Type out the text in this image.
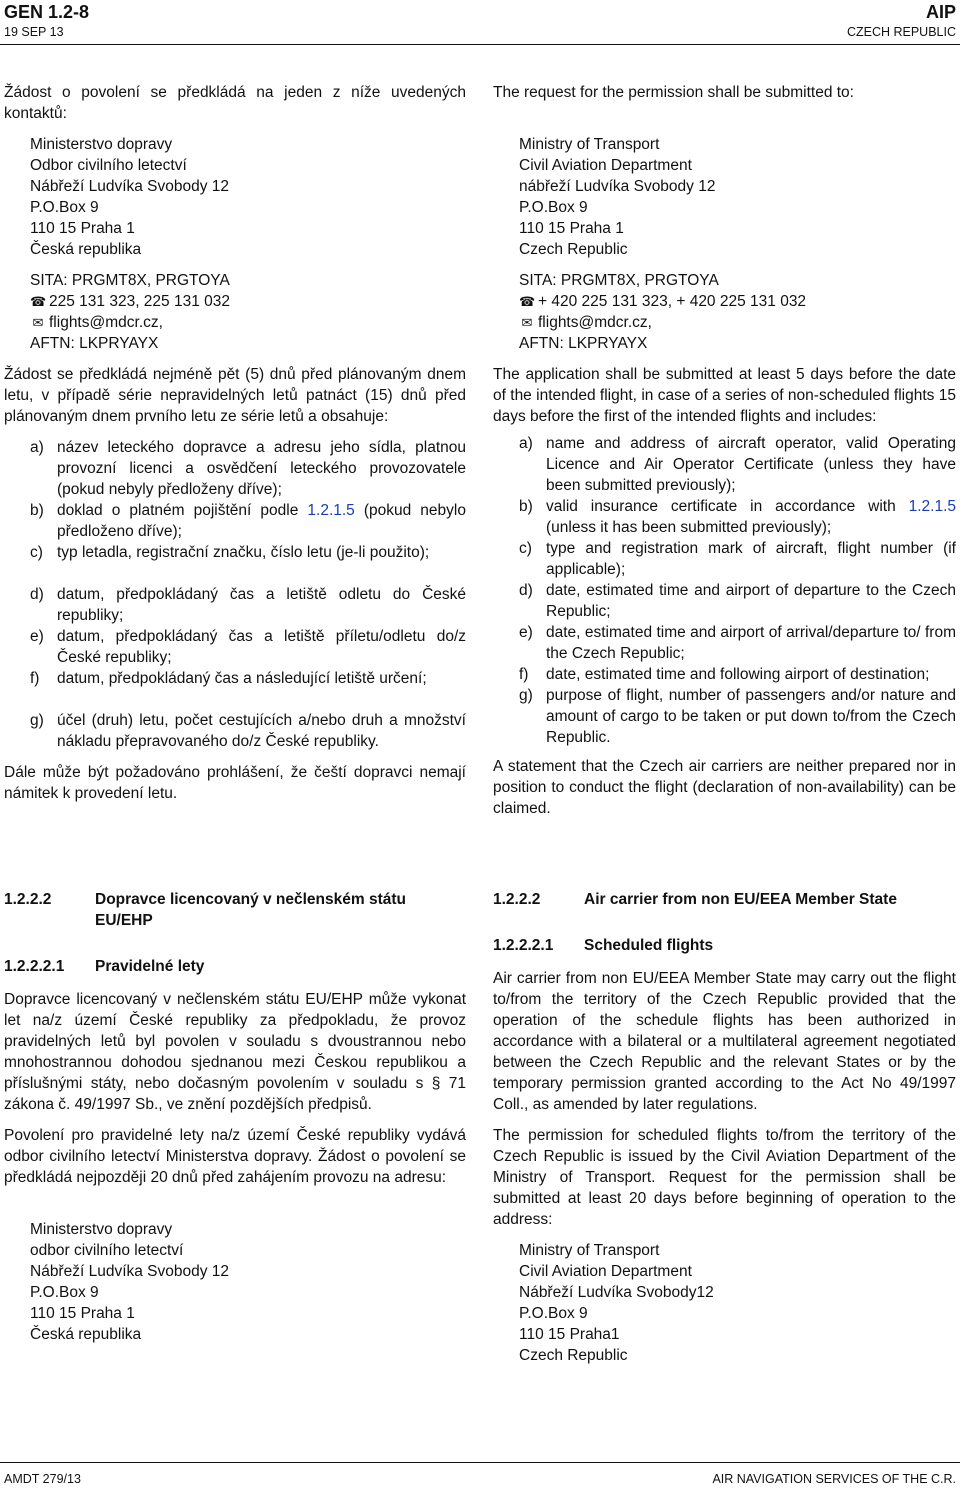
GEN 1.2-8
19 SEP 13
AIP
CZECH REPUBLIC

Žádost o povolení se předkládá na jeden z níže uvedených kontaktů:

Ministerstvo dopravy
Odbor civilního letectví
Nábřeží Ludvíka Svobody 12
P.O.Box 9
110 15 Praha 1
Česká republika
SITA: PRGMT8X, PRGTOYA
☎ 225 131 323, 225 131 032
✉ flights@mdcr.cz,
AFTN: LKPRYAYX

Žádost se předkládá nejméně pět (5) dnů před plánovaným dnem letu, v případě série nepravidelných letů patnáct (15) dnů před plánovaným dnem prvního letu ze série letů a obsahuje:

a) název leteckého dopravce a adresu jeho sídla, platnou provozní licenci a osvědčení leteckého provozovatele (pokud nebyly předloženy dříve);
b) doklad o platném pojištění podle 1.2.1.5 (pokud nebylo předloženo dříve);
c) typ letadla, registrační značku, číslo letu (je-li použito);
d) datum, předpokládaný čas a letiště odletu do České republiky;
e) datum, předpokládaný čas a letiště příletu/odletu do/z České republiky;
f)	datum, předpokládaný čas a následující letiště určení;
g) účel (druh) letu, počet cestujících a/nebo druh a množství nákladu přepravovaného do/z České republiky.

Dále může být požadováno prohlášení, že čeští dopravci nemají námitek k provedení letu.

1.2.2.2	Dopravce licencovaný v nečlenském státu EU/EHP
1.2.2.2.1	Pravidelné lety

Dopravce licencovaný v nečlenském státu EU/EHP může vykonat let na/z území České republiky za předpokladu, že provoz pravidelných letů byl povolen v souladu s dvoustrannou nebo mnohostrannou dohodou sjednanou mezi Českou republikou a příslušnými státy, nebo dočasným povolením v souladu s § 71 zákona č. 49/1997 Sb., ve znění pozdějších předpisů.

Povolení pro pravidelné lety na/z území České republiky vydává odbor civilního letectví Ministerstva dopravy. Žádost o povolení se předkládá nejpozději 20 dnů před zahájením provozu na adresu:

Ministerstvo dopravy
odbor civilního letectví
Nábřeží Ludvíka Svobody 12
P.O.Box 9
110 15 Praha 1
Česká republika

The request for the permission shall be submitted to:

Ministry of Transport
Civil Aviation Department
nábřeží Ludvíka Svobody 12
P.O.Box 9
110 15 Praha 1
Czech Republic
SITA: PRGMT8X, PRGTOYA
☎ + 420 225 131 323, + 420 225 131 032
✉ flights@mdcr.cz,
AFTN: LKPRYAYX

The application shall be submitted at least 5 days before the date of the intended flight, in case of a series of non-scheduled flights 15 days before the first of the intended flights and includes:

a) name and address of aircraft operator, valid Operating Licence and Air Operator Certificate (unless they have been submitted previously);
b) valid insurance certificate in accordance with 1.2.1.5 (unless it has been submitted previously);
c) type and registration mark of aircraft, flight number (if applicable);
d) date, estimated time and airport of departure to the Czech Republic;
e) date, estimated time and airport of arrival/departure to/ from the Czech Republic;
f)	date, estimated time and following airport of destination;
g) purpose of flight, number of passengers and/or nature and amount of cargo to be taken or put down to/from the Czech Republic.

A statement that the Czech air carriers are neither prepared nor in position to conduct the flight (declaration of non-availability) can be claimed.

1.2.2.2	Air carrier from non EU/EEA Member State
1.2.2.2.1	Scheduled flights

Air carrier from non EU/EEA Member State may carry out the flight to/from the territory of the Czech Republic provided that the operation of the schedule flights has been authorized in accordance with a bilateral or a multilateral agreement negotiated between the Czech Republic and the relevant States or by the temporary permission granted according to the Act No 49/1997 Coll., as amended by later regulations.

The permission for scheduled flights to/from the territory of the Czech Republic is issued by the Civil Aviation Department of the Ministry of Transport. Request for the permission shall be submitted at least 20 days before beginning of operation to the address:

Ministry of Transport
Civil Aviation Department
Nábřeží Ludvíka Svobody12
P.O.Box 9
110 15 Praha1
Czech Republic
AMDT 279/13	AIR NAVIGATION SERVICES OF THE C.R.
